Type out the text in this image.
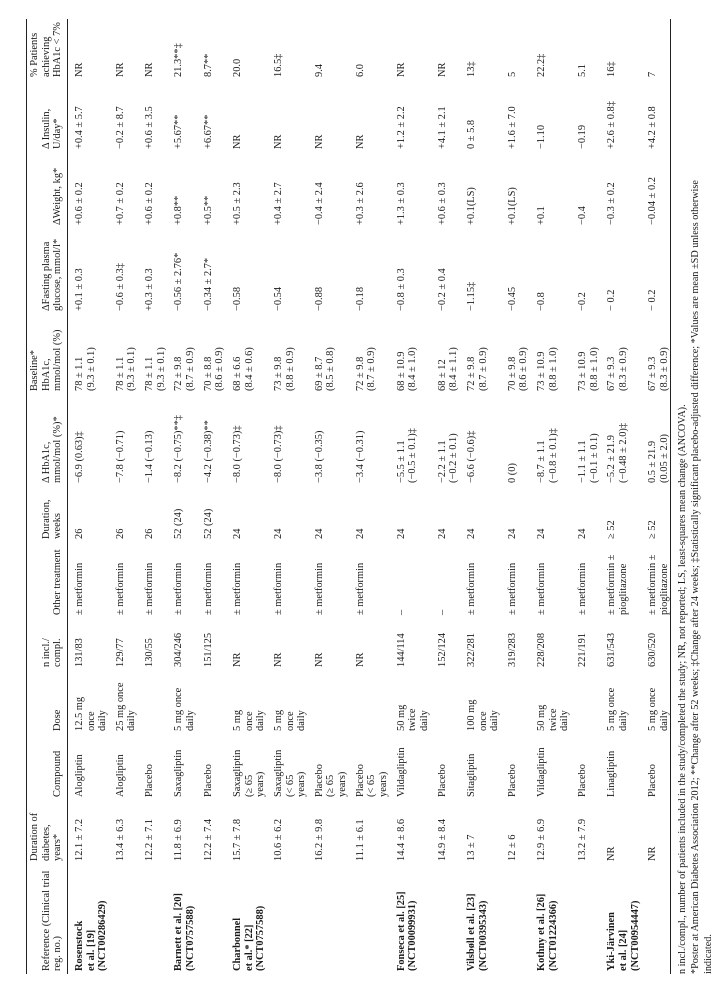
Reference (Clinical trial reg. no.)	Duration of diabetes, years*	Compound	Dose	n incl./ compl.	Other treatment	Duration, weeks	Δ HbA1c, mmol/mol (%)*	Baseline* HbA1c, mmol/mol (%)	ΔFasting plasma glucose, mmol/l*	ΔWeight, kg*	Δ Insulin, U/day*	% Patients achieving HbA1c < 7%
Rosenstock
et al. [19]
(NCT00286429)	12.1 ± 7.2	Alogliptin	12.5 mg
once
daily	131/83	± metformin	26	−6.9 (0.63)‡	78 ± 1.1
(9.3 ± 0.1)	+0.1 ± 0.3	+0.6 ± 0.2	+0.4 ± 5.7	NR
	13.4 ± 6.3	Alogliptin	25 mg once
daily	129/77	± metformin	26	−7.8 (−0.71)	78 ± 1.1
(9.3 ± 0.1)	−0.6 ± 0.3‡	+0.7 ± 0.2	−0.2 ± 8.7	NR
	12.2 ± 7.1	Placebo		130/55	± metformin	26	−1.4 (−0.13)	78 ± 1.1
(9.3 ± 0.1)	+0.3 ± 0.3	+0.6 ± 0.2	+0.6 ± 3.5	NR
Barnett et al. [20]
(NCT0757588)	11.8 ± 6.9	Saxagliptin	5 mg once
daily	304/246	± metformin	52 (24)	−8.2 (−0.75)**‡	72 ± 9.8
(8.7 ± 0.9)	−0.56 ± 2.76*	+0.8**	+5.67**	21.3**‡
	12.2 ± 7.4	Placebo		151/125	± metformin	52 (24)	−4.2 (−0.38)**	70 ± 8.8
(8.6 ± 0.9)	−0.34 ± 2.7*	+0.5**	+6.67**	8.7**
Charbonnel
et al.* [22]
(NCT0757588)	15.7 ± 7.8	Saxagliptin
(≥ 65
years)	5 mg
once
daily	NR	± metformin	24	−8.0 (−0.73)‡	68 ± 6.6
(8.4 ± 0.6)	−0.58	+0.5 ± 2.3	NR	20.0
	10.6 ± 6.2	Saxagliptin
(< 65
years)	5 mg
once
daily	NR	± metformin	24	−8.0 (−0.73)‡	73 ± 9.8
(8.8 ± 0.9)	−0.54	+0.4 ± 2.7	NR	16.5‡
	16.2 ± 9.8	Placebo
(≥ 65
years)		NR	± metformin	24	−3.8 (−0.35)	69 ± 8.7
(8.5 ± 0.8)	−0.88	−0.4 ± 2.4	NR	9.4
	11.1 ± 6.1	Placebo
(< 65
years)		NR	± metformin	24	−3.4 (−0.31)	72 ± 9.8
(8.7 ± 0.9)	−0.18	+0.3 ± 2.6	NR	6.0
Fonseca et al. [25]
(NCT00099931)	14.4 ± 8.6	Vildagliptin	50 mg
twice
daily	144/114	–	24	−5.5 ± 1.1
(−0.5 ± 0.1)‡	68 ± 10.9
(8.4 ± 1.0)	−0.8 ± 0.3	+1.3 ± 0.3	+1.2 ± 2.2	NR
	14.9 ± 8.4	Placebo		152/124	–	24	−2.2 ± 1.1
(−0.2 ± 0.1)	68 ± 12
(8.4 ± 1.1)	−0.2 ± 0.4	+0.6 ± 0.3	+4.1 ± 2.1	NR
Vilsbøll et al. [23]
(NCT00395343)	13 ± 7	Sitagliptin	100 mg
once
daily	322/281	± metformin	24	−6.6 (−0.6)‡	72 ± 9.8
(8.7 ± 0.9)	−1.15‡	+0.1(LS)	0 ± 5.8	13‡
	12 ± 6	Placebo		319/283	± metformin	24	0 (0)	70 ± 9.8
(8.6 ± 0.9)	−0.45	+0.1(LS)	+1.6 ± 7.0	5
Kothny et al. [26]
(NCT01224366)	12.9 ± 6.9	Vildagliptin	50 mg
twice
daily	228/208	± metformin	24	−8.7 ± 1.1
(−0.8 ± 0.1)‡	73 ± 10.9
(8.8 ± 1.0)	−0.8	+0.1	−1.10	22.2‡
	13.2 ± 7.9	Placebo		221/191	± metformin	24	−1.1 ± 1.1
(−0.1 ± 0.1)	73 ± 10.9
(8.8 ± 1.0)	−0.2	−0.4	−0.19	5.1
Yki-Järvinen
et al. [24]
(NCT00954447)	NR	Linagliptin	5 mg once
daily	631/543	± metformin ±
pioglitazone	≥ 52	−5.2 ± 21.9
(−0.48 ± 2.0)‡	67 ± 9.3
(8.3 ± 0.9)	− 0.2	−0.3 ± 0.2	+2.6 ± 0.8‡	16‡
	NR	Placebo	5 mg once
daily	630/520	± metformin ±
pioglitazone	≥ 52	0.5 ± 21.9
(0.05 ± 2.0)	67 ± 9.3
(8.3 ± 0.9)	− 0.2	−0.04 ± 0.2	+4.2 ± 0.8	7
n incl./compl., number of patients included in the study/completed the study; NR, not reported; LS, least-squares mean change (ANCOVA). *Poster at American Diabetes Association 2012; **Change after 52 weeks; ‡Change after 24 weeks; ‡Statistically significant placebo-adjusted difference; *Values are mean ±SD unless otherwise indicated.
